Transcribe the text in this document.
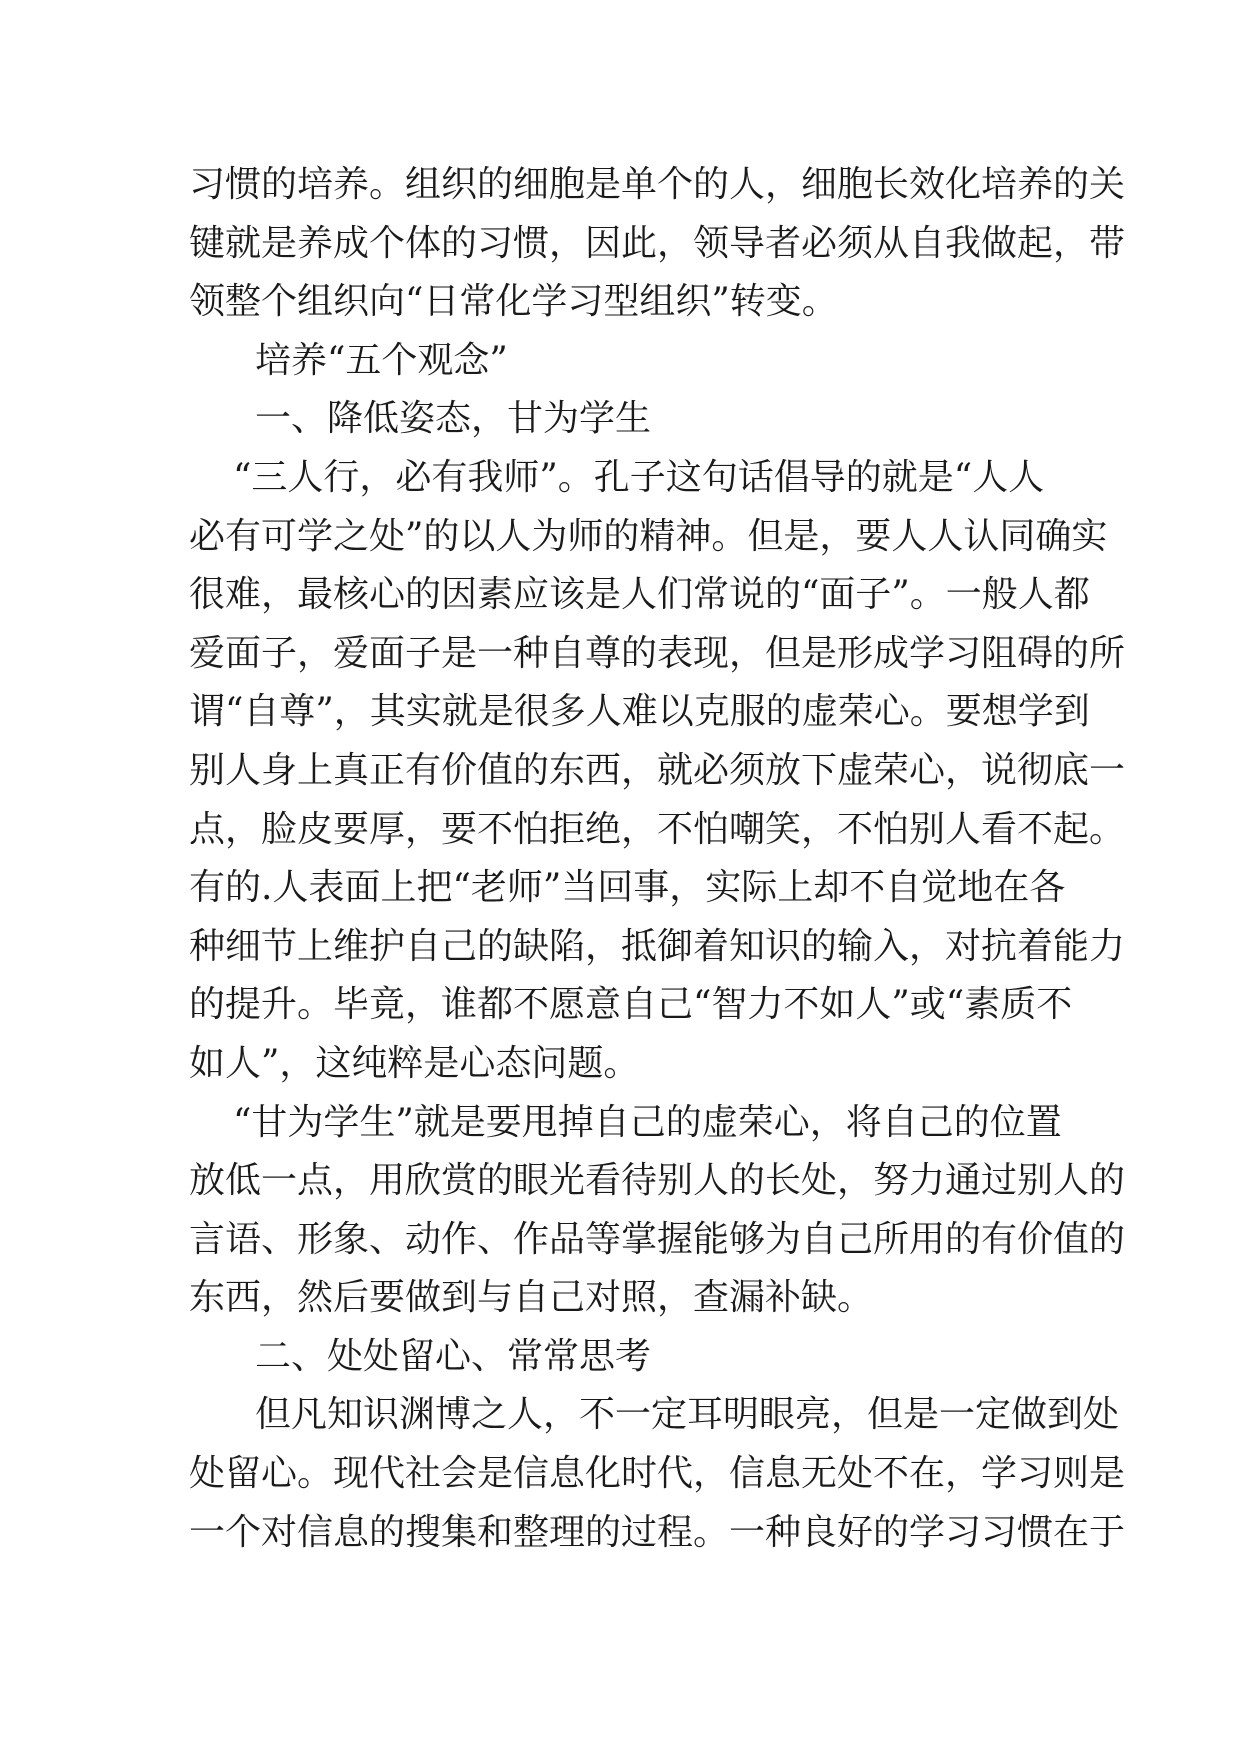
习惯的培养。组织的细胞是单个的人，细胞长效化培养的关
键就是养成个体的习惯，因此，领导者必须从自我做起，带
领整个组织向“日常化学习型组织”转变。
培养“五个观念”
一、降低姿态，甘为学生
“三人行，必有我师”。孔子这句话倡导的就是“人人
必有可学之处”的以人为师的精神。但是，要人人认同确实
很难，最核心的因素应该是人们常说的“面子”。一般人都
爱面子，爱面子是一种自尊的表现，但是形成学习阻碍的所
谓“自尊”，其实就是很多人难以克服的虚荣心。要想学到
别人身上真正有价值的东西，就必须放下虚荣心，说彻底一
点，脸皮要厚，要不怕拒绝，不怕嘲笑，不怕别人看不起。
有的.人表面上把“老师”当回事，实际上却不自觉地在各
种细节上维护自己的缺陷，抵御着知识的输入，对抗着能力
的提升。毕竟，谁都不愿意自己“智力不如人”或“素质不
如人”，这纯粹是心态问题。
“甘为学生”就是要甩掉自己的虚荣心，将自己的位置
放低一点，用欣赏的眼光看待别人的长处，努力通过别人的
言语、形象、动作、作品等掌握能够为自己所用的有价值的
东西，然后要做到与自己对照，查漏补缺。
二、处处留心、常常思考
但凡知识渊博之人，不一定耳明眼亮，但是一定做到处
处留心。现代社会是信息化时代，信息无处不在，学习则是
一个对信息的搜集和整理的过程。一种良好的学习习惯在于
